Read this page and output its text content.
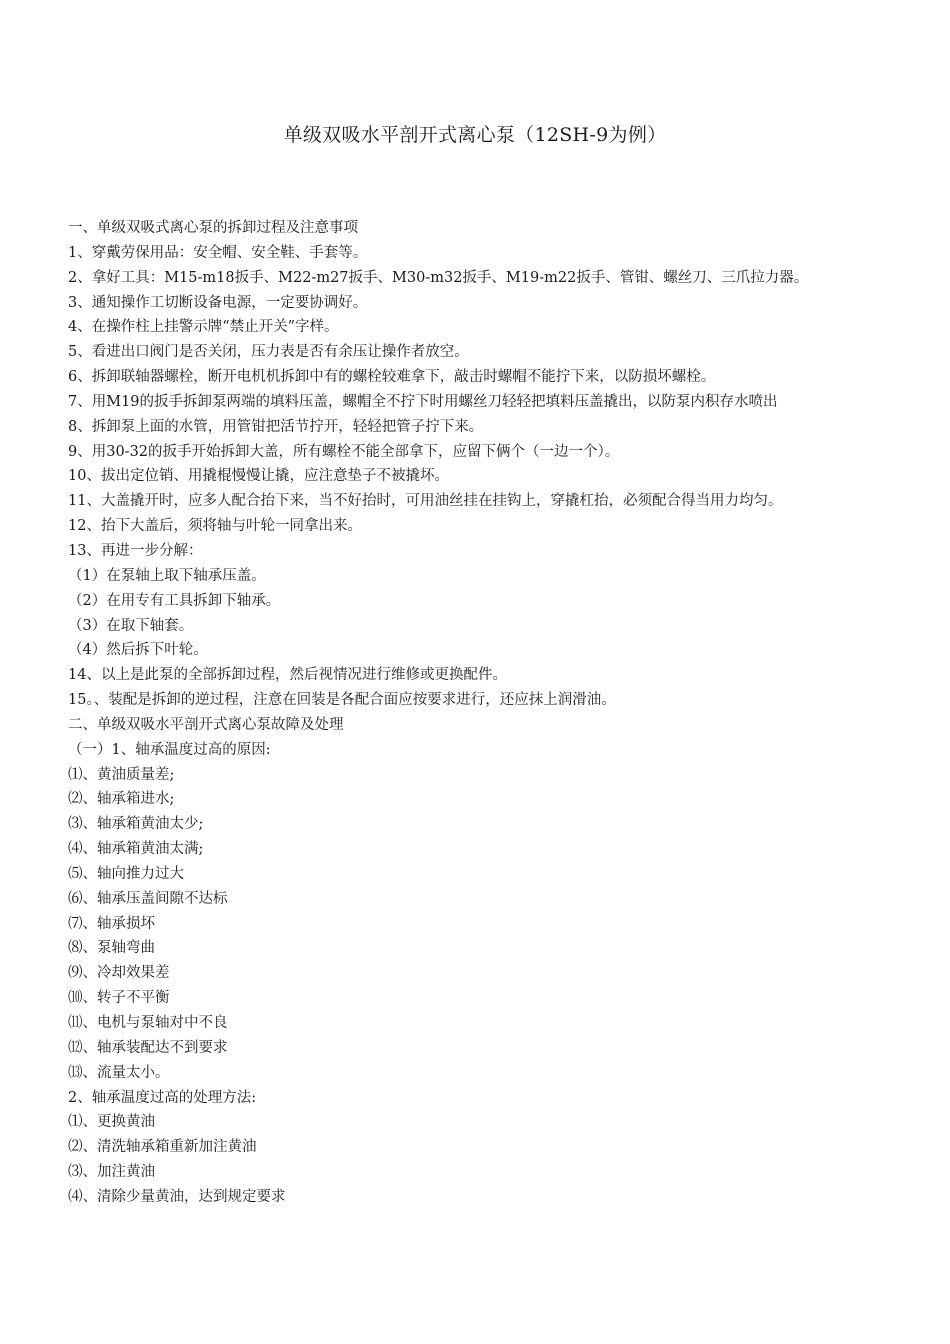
单级双吸水平剖开式离心泵（12SH-9为例）
一、单级双吸式离心泵的拆卸过程及注意事项
1、穿戴劳保用品：安全帽、安全鞋、手套等。
2、拿好工具：M15-m18扳手、M22-m27扳手、M30-m32扳手、M19-m22扳手、管钳、螺丝刀、三爪拉力器。
3、通知操作工切断设备电源，一定要协调好。
4、在操作柱上挂警示牌“禁止开关”字样。
5、看进出口阀门是否关闭，压力表是否有余压让操作者放空。
6、拆卸联轴器螺栓，断开电机机拆卸中有的螺栓较难拿下，敲击时螺帽不能拧下来，以防损坏螺栓。
7、用M19的扳手拆卸泵两端的填料压盖，螺帽全不拧下时用螺丝刀轻轻把填料压盖撬出，以防泵内积存水喷出
8、拆卸泵上面的水管，用管钳把活节拧开，轻轻把管子拧下来。
9、用30-32的扳手开始拆卸大盖，所有螺栓不能全部拿下，应留下俩个（一边一个）。
10、拔出定位销、用撬棍慢慢让撬，应注意垫子不被撬坏。
11、大盖撬开时，应多人配合抬下来，当不好抬时，可用油丝挂在挂钩上，穿撬杠抬，必须配合得当用力均匀。
12、抬下大盖后，须将轴与叶轮一同拿出来。
13、再进一步分解：
（1）在泵轴上取下轴承压盖。
（2）在用专有工具拆卸下轴承。
（3）在取下轴套。
（4）然后拆下叶轮。
14、以上是此泵的全部拆卸过程，然后视情况进行维修或更换配件。
15。、装配是拆卸的逆过程，注意在回装是各配合面应按要求进行，还应抹上润滑油。
二、单级双吸水平剖开式离心泵故障及处理
（一）1、轴承温度过高的原因:
⑴、黄油质量差;
⑵、轴承箱进水;
⑶、轴承箱黄油太少;
⑷、轴承箱黄油太满;
⑸、轴向推力过大
⑹、轴承压盖间隙不达标
⑺、轴承损坏
⑻、泵轴弯曲
⑼、冷却效果差
⑽、转子不平衡
⑾、电机与泵轴对中不良
⑿、轴承装配达不到要求
⒀、流量太小。
2、轴承温度过高的处理方法:
⑴、更换黄油
⑵、清洗轴承箱重新加注黄油
⑶、加注黄油
⑷、清除少量黄油，达到规定要求
